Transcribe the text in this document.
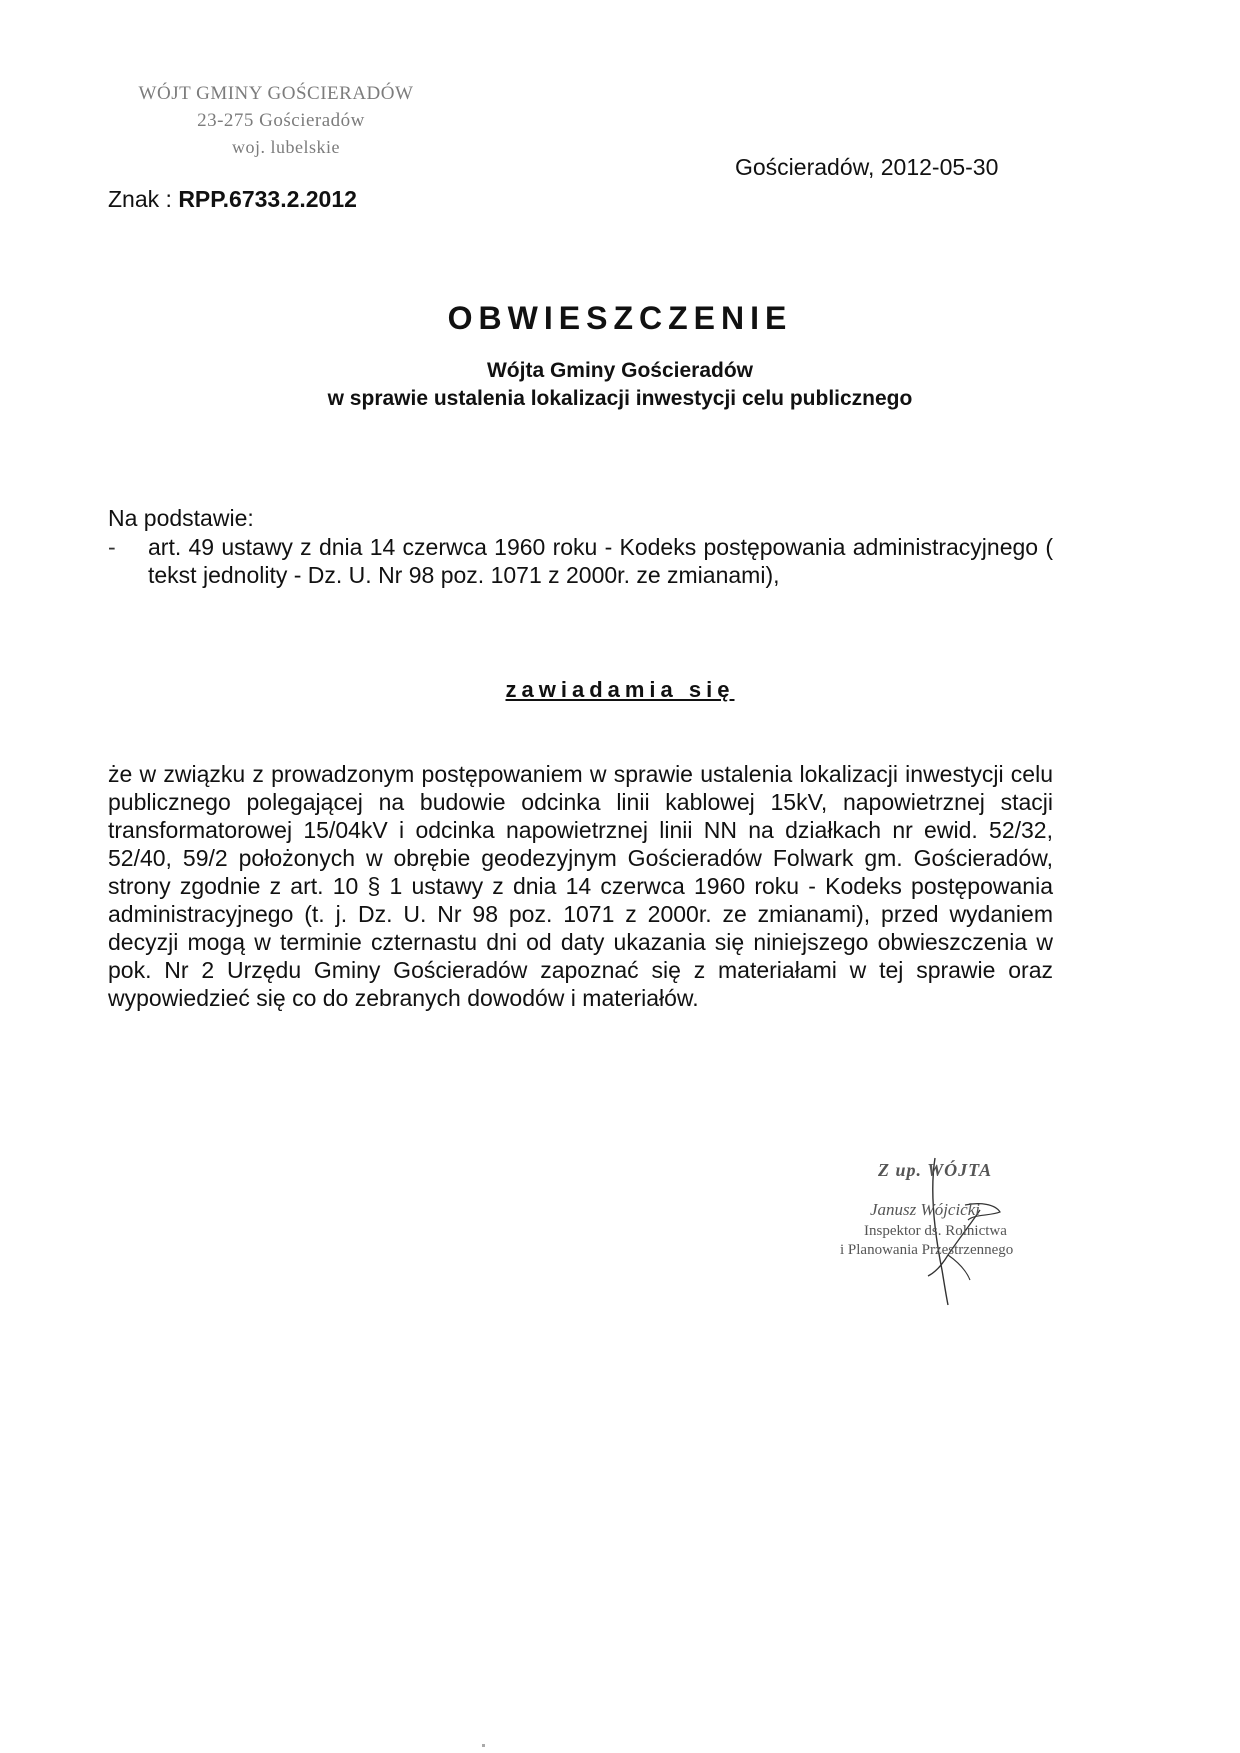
WÓJT GMINY GOŚCIERADÓW
23-275 Gościeradów
woj. lubelskie
Znak : RPP.6733.2.2012
Gościeradów, 2012-05-30
OBWIESZCZENIE
Wójta Gminy Gościeradów
w sprawie ustalenia lokalizacji inwestycji celu publicznego
Na podstawie:
- art. 49 ustawy z dnia 14 czerwca 1960 roku - Kodeks postępowania administracyjnego ( tekst jednolity - Dz. U. Nr 98 poz. 1071 z 2000r. ze zmianami),
zawiadamia się
że w związku z prowadzonym postępowaniem w sprawie ustalenia lokalizacji inwestycji celu publicznego polegającej na budowie odcinka linii kablowej 15kV, napowietrznej stacji transformatorowej 15/04kV i odcinka napowietrznej linii NN na działkach nr ewid. 52/32, 52/40, 59/2 położonych w obrębie geodezyjnym Gościeradów Folwark gm. Gościeradów, strony zgodnie z art. 10 § 1 ustawy z dnia 14 czerwca 1960 roku - Kodeks postępowania administracyjnego (t. j. Dz. U. Nr 98 poz. 1071 z 2000r. ze zmianami), przed wydaniem decyzji mogą w terminie czternastu dni od daty ukazania się niniejszego obwieszczenia w pok. Nr 2 Urzędu Gminy Gościeradów zapoznać się z materiałami w tej sprawie oraz wypowiedzieć się co do zebranych dowodów i materiałów.
Z up. WÓJTA
Janusz Wójcicki
Inspektor ds. Rolnictwa
i Planowania Przestrzennego
